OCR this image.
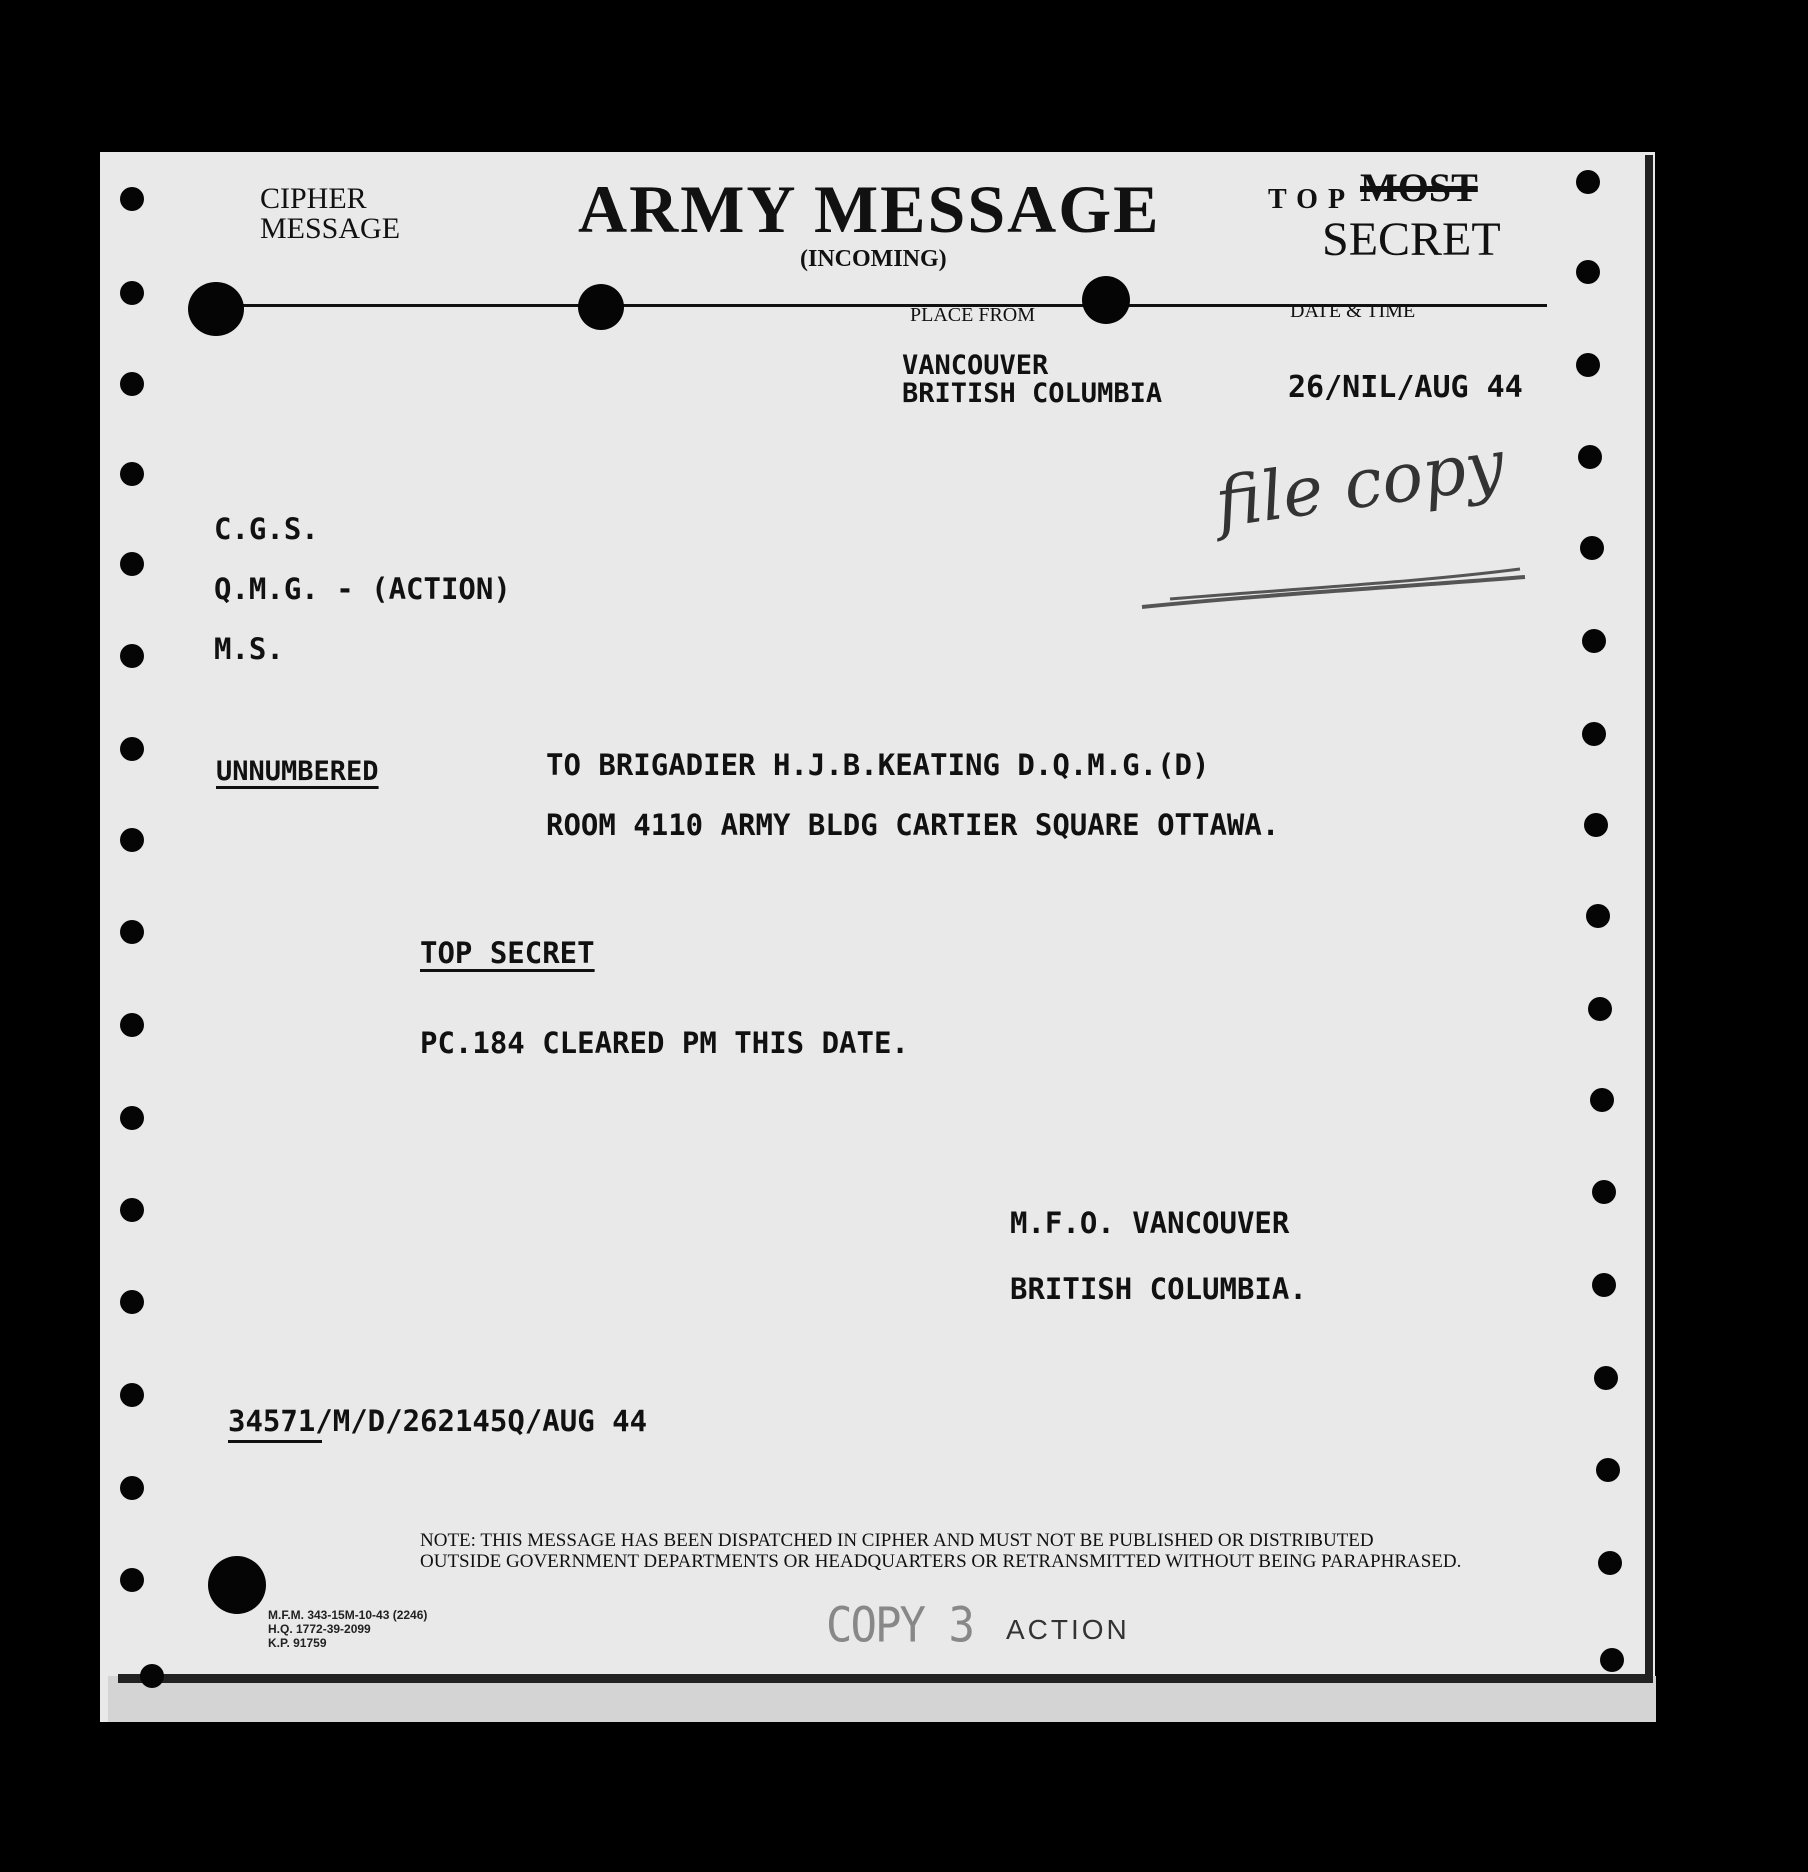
CIPHER
MESSAGE	ARMY MESSAGE
(INCOMING)
TOP MOST
SECRET
PLACE FROM	DATE & TIME
VANCOUVER
BRITISH COLUMBIA	26/NIL/AUG 44
file copy
C.G.S.
Q.M.G. - (ACTION)
M.S.
UNNUMBERED	TO BRIGADIER H.J.B.KEATING D.Q.M.G.(D)
ROOM 4110 ARMY BLDG CARTIER SQUARE OTTAWA.
TOP SECRET
PC.184 CLEARED PM THIS DATE.
M.F.O. VANCOUVER
BRITISH COLUMBIA.
34571/M/D/262145Q/AUG 44
NOTE: THIS MESSAGE HAS BEEN DISPATCHED IN CIPHER AND MUST NOT BE PUBLISHED OR DISTRIBUTED
OUTSIDE GOVERNMENT DEPARTMENTS OR HEADQUARTERS OR RETRANSMITTED WITHOUT BEING PARAPHRASED.
M.F.M. 343-15M-10-43 (2246)
H.Q. 1772-39-2099
K.P. 91759	COPY 3 ACTION
